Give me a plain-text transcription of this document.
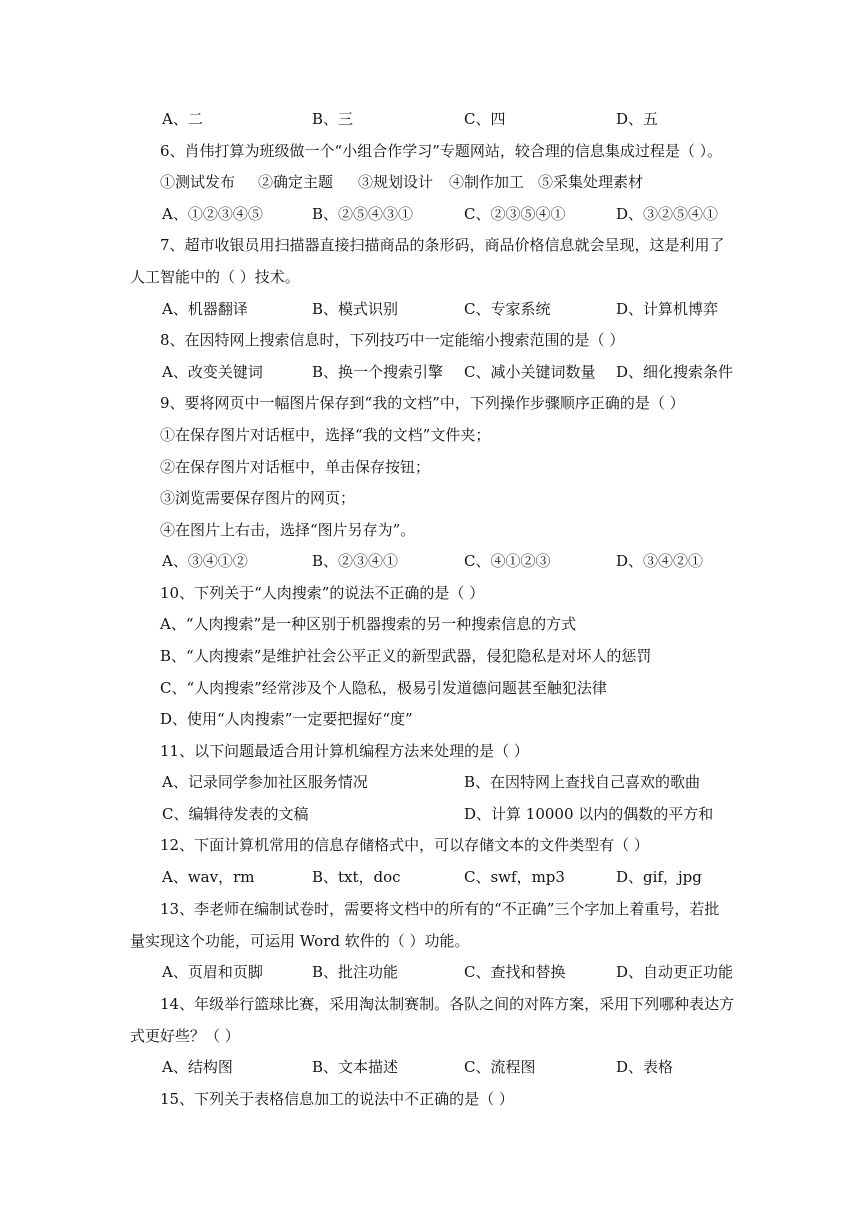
A、二	B、三	C、四	D、五
6、肖伟打算为班级做一个“小组合作学习”专题网站，较合理的信息集成过程是（ ）。
①测试发布 ②确定主题 ③规划设计 ④制作加工 ⑤采集处理素材
A、①②③④⑤	B、②⑤④③①	C、②③⑤④①	D、③②⑤④①
7、超市收银员用扫描器直接扫描商品的条形码，商品价格信息就会呈现，这是利用了
人工智能中的（ ）技术。
A、机器翻译	B、模式识别	C、专家系统	D、计算机博弈
8、在因特网上搜索信息时，下列技巧中一定能缩小搜索范围的是（ ）
A、改变关键词	B、换一个搜索引擎 C、减小关键词数量 D、细化搜索条件
9、要将网页中一幅图片保存到“我的文档”中，下列操作步骤顺序正确的是（ ）
①在保存图片对话框中，选择“我的文档”文件夹；
②在保存图片对话框中，单击保存按钮；
③浏览需要保存图片的网页；
④在图片上右击，选择“图片另存为”。
A、③④①②	B、②③④①	C、④①②③	D、③④②①
10、下列关于“人肉搜索”的说法不正确的是（ ）
A、“人肉搜索”是一种区别于机器搜索的另一种搜索信息的方式
B、“人肉搜索”是维护社会公平正义的新型武器，侵犯隐私是对坏人的惩罚
C、“人肉搜索”经常涉及个人隐私，极易引发道德问题甚至触犯法律
D、使用“人肉搜索”一定要把握好“度”
11、以下问题最适合用计算机编程方法来处理的是（ ）
A、记录同学参加社区服务情况	B、在因特网上查找自己喜欢的歌曲
C、编辑待发表的文稿	D、计算 10000 以内的偶数的平方和
12、下面计算机常用的信息存储格式中，可以存储文本的文件类型有（ ）
A、wav，rm	B、txt，doc	C、swf，mp3	D、gif，jpg
13、李老师在编制试卷时，需要将文档中的所有的“不正确”三个字加上着重号，若批
量实现这个功能，可运用 Word 软件的（ ）功能。
A、页眉和页脚	B、批注功能	C、查找和替换	D、自动更正功能
14、年级举行篮球比赛，采用淘汰制赛制。各队之间的对阵方案，采用下列哪种表达方
式更好些？（ ）
A、结构图	B、文本描述	C、流程图	D、表格
15、下列关于表格信息加工的说法中不正确的是（ ）
